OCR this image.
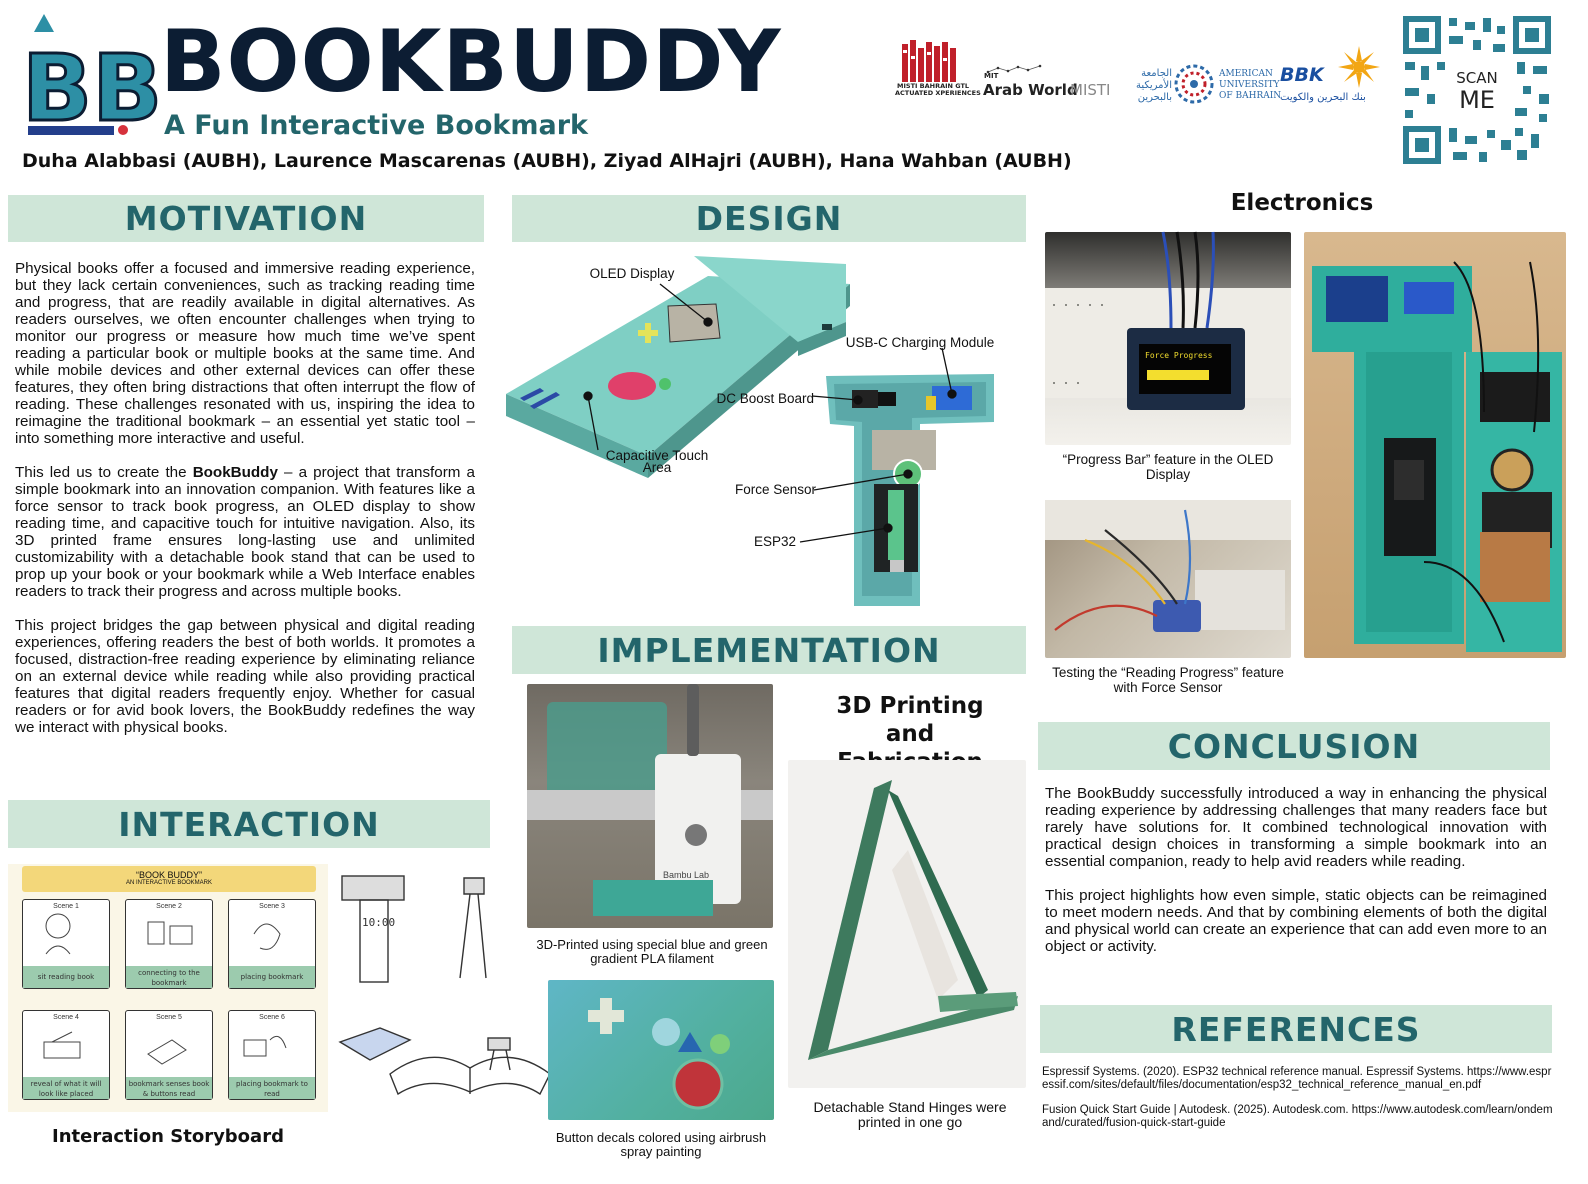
BB
BOOKBUDDY
A Fun Interactive Bookmark
Duha Alabbasi (AUBH), Laurence Mascarenas (AUBH), Ziyad AlHajri (AUBH), Hana Wahban (AUBH)
MISTI BAHRAIN GTL
ACTUATED XPERIENCES
MIT
Arab World
MISTI
الجامعة الأمريكية بالبحرين
AMERICAN
UNIVERSITY
OF BAHRAIN
BBK
بنك البحرين والكويت
SCAN
ME
MOTIVATION

Physical books offer a focused and immersive reading experience, but they lack certain conveniences, such as tracking reading time and progress, that are readily available in digital alternatives. As readers ourselves, we often encounter challenges when trying to monitor our progress or measure how much time we’ve spent reading a particular book or multiple books at the same time. And while mobile devices and other external devices can offer these features, they often bring distractions that often interrupt the flow of reading. These challenges resonated with us, inspiring the idea to reimagine the traditional bookmark – an essential yet static tool – into something more interactive and useful.

This led us to create the BookBuddy – a project that transform a simple bookmark into an innovation companion. With features like a force sensor to track book progress, an OLED display to show reading time, and capacitive touch for intuitive navigation. Also, its 3D printed frame ensures long-lasting use and unlimited customizability with a detachable book stand that can be used to prop up your book or your bookmark while a Web Interface enables readers to track their progress and across multiple books.

This project bridges the gap between physical and digital reading experiences, offering readers the best of both worlds. It promotes a focused, distraction-free reading experience by eliminating reliance on an external device while reading while also providing practical features that digital readers frequently enjoy. Whether for casual readers or for avid book lovers, the BookBuddy redefines the way we interact with physical books.

INTERACTION
“BOOK BUDDY”
AN INTERACTIVE BOOKMARK
Scene 1
sit reading book
Scene 2
connecting to the bookmark
Scene 3
placing bookmark
Scene 4
reveal of what it will look like placed
Scene 5
bookmark senses book & buttons read
Scene 6
placing bookmark to read
10:00
Interaction Storyboard
DESIGN
OLED Display
USB-C Charging Module
DC Boost Board
Capacitive Touch Area
Force Sensor
ESP32
IMPLEMENTATION
Bambu Lab
3D-Printed using special blue and green gradient PLA filament
Button decals colored using airbrush spray painting
3D Printing and
Detachable Stand Hinges were printed in one go
Electronics
Force Progress
“Progress Bar” feature in the OLED Display
Testing the “Reading Progress” feature with Force Sensor
CONCLUSION

The BookBuddy successfully introduced a way in enhancing the physical reading experience by addressing challenges that many readers face but rarely have solutions for. It combined technological innovation with practical design choices in transforming a simple bookmark into an essential companion, ready to help avid readers while reading.

This project highlights how even simple, static objects can be reimagined to meet modern needs. And that by combining elements of both the digital and physical world can create an experience that can add even more to an object or activity.

REFERENCES

Espressif Systems. (2020). ESP32 technical reference manual. Espressif Systems. https://www.espressif.com/sites/default/files/documentation/esp32_technical_reference_manual_en.pdf

Fusion Quick Start Guide | Autodesk. (2025). Autodesk.com. https://www.autodesk.com/learn/ondemand/curated/fusion-quick-start-guide
